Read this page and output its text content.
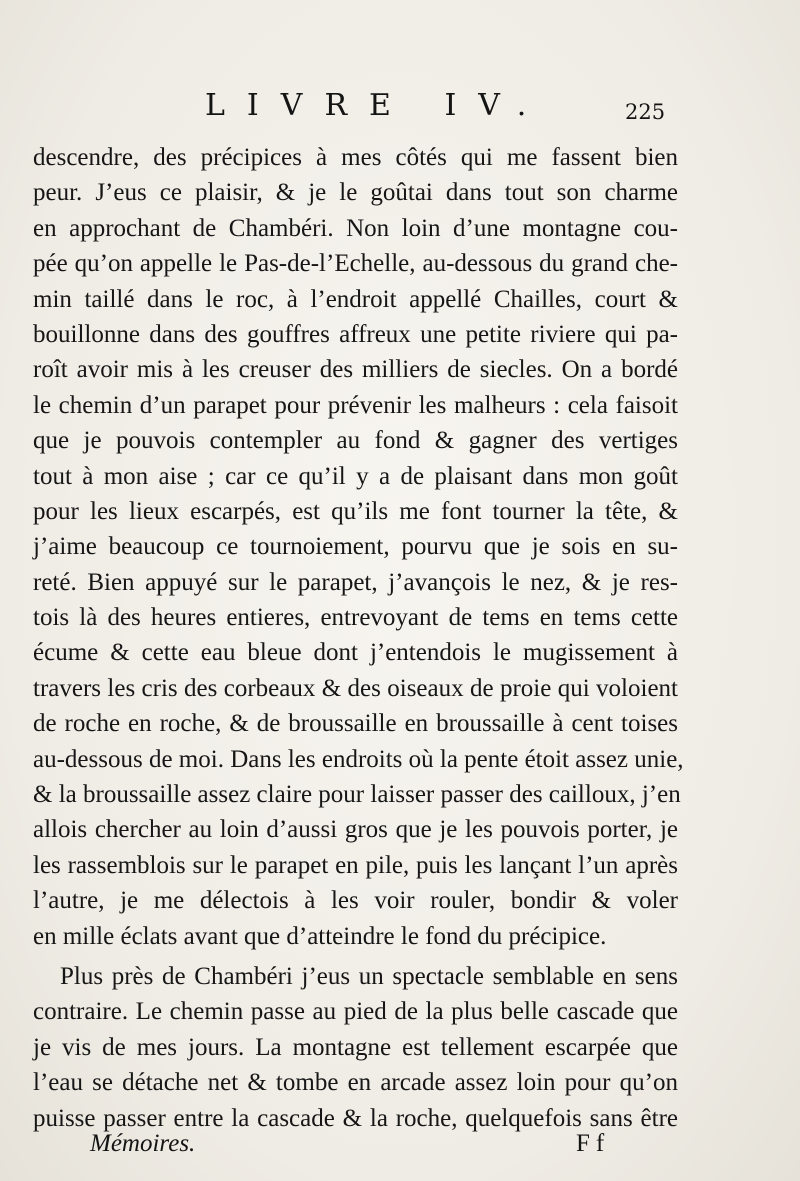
LIVRE IV.	225
descendre, des précipices à mes côtés qui me fassent bien
peur. J’eus ce plaisir, & je le goûtai dans tout son charme
en approchant de Chambéri. Non loin d’une montagne cou-
pée qu’on appelle le Pas-de-l’Echelle, au-dessous du grand che-
min taillé dans le roc, à l’endroit appellé Chailles, court &
bouillonne dans des gouffres affreux une petite riviere qui pa-
roît avoir mis à les creuser des milliers de siecles. On a bordé
le chemin d’un parapet pour prévenir les malheurs : cela faisoit
que je pouvois contempler au fond & gagner des vertiges
tout à mon aise ; car ce qu’il y a de plaisant dans mon goût
pour les lieux escarpés, est qu’ils me font tourner la tête, &
j’aime beaucoup ce tournoiement, pourvu que je sois en su-
reté. Bien appuyé sur le parapet, j’avançois le nez, & je res-
tois là des heures entieres, entrevoyant de tems en tems cette
écume & cette eau bleue dont j’entendois le mugissement à
travers les cris des corbeaux & des oiseaux de proie qui voloient
de roche en roche, & de broussaille en broussaille à cent toises
au-dessous de moi. Dans les endroits où la pente étoit assez unie,
& la broussaille assez claire pour laisser passer des cailloux, j’en
allois chercher au loin d’aussi gros que je les pouvois porter, je
les rassemblois sur le parapet en pile, puis les lançant l’un après
l’autre, je me délectois à les voir rouler, bondir & voler
en mille éclats avant que d’atteindre le fond du précipice.
Plus près de Chambéri j’eus un spectacle semblable en sens
contraire. Le chemin passe au pied de la plus belle cascade que
je vis de mes jours. La montagne est tellement escarpée que
l’eau se détache net & tombe en arcade assez loin pour qu’on
puisse passer entre la cascade & la roche, quelquefois sans être
Mémoires.	Ff
